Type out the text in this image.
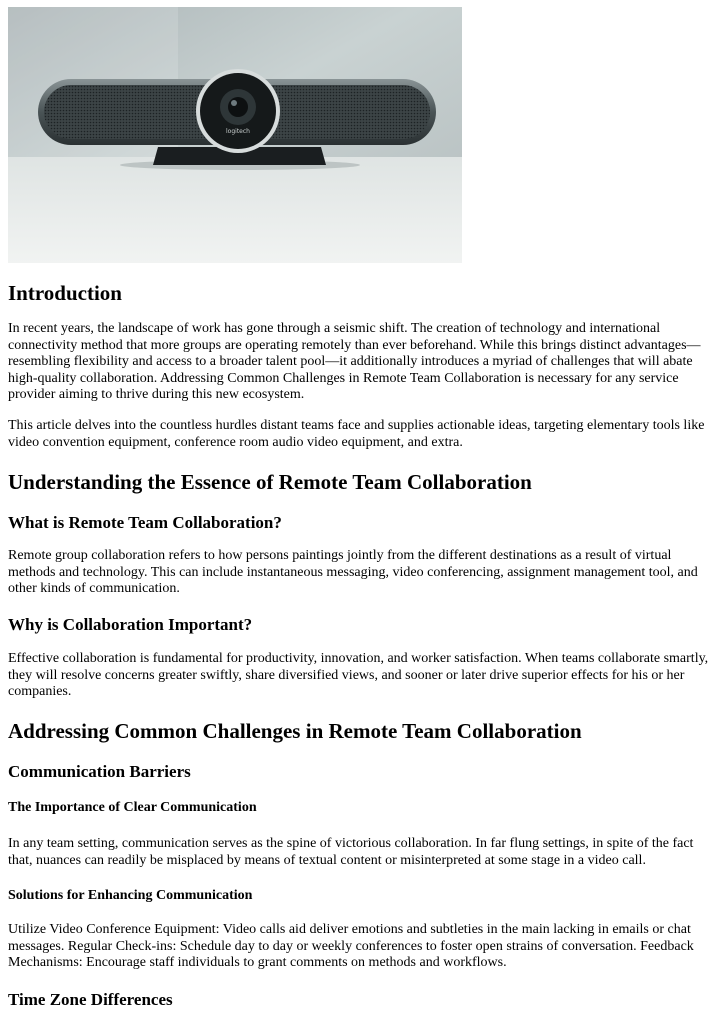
logitech
Introduction

In recent years, the landscape of work has gone through a seismic shift. The creation of technology and international connectivity method that more groups are operating remotely than ever beforehand. While this brings distinct advantages—resembling flexibility and access to a broader talent pool—it additionally introduces a myriad of challenges that will abate high-quality collaboration. Addressing Common Challenges in Remote Team Collaboration is necessary for any service provider aiming to thrive during this new ecosystem.

This article delves into the countless hurdles distant teams face and supplies actionable ideas, targeting elementary tools like video convention equipment, conference room audio video equipment, and extra.

Understanding the Essence of Remote Team Collaboration
What is Remote Team Collaboration?

Remote group collaboration refers to how persons paintings jointly from the different destinations as a result of virtual methods and technology. This can include instantaneous messaging, video conferencing, assignment management tool, and other kinds of communication.

Why is Collaboration Important?

Effective collaboration is fundamental for productivity, innovation, and worker satisfaction. When teams collaborate smartly, they will resolve concerns greater swiftly, share diversified views, and sooner or later drive superior effects for his or her companies.

Addressing Common Challenges in Remote Team Collaboration
Communication Barriers
The Importance of Clear Communication

In any team setting, communication serves as the spine of victorious collaboration. In far flung settings, in spite of the fact that, nuances can readily be misplaced by means of textual content or misinterpreted at some stage in a video call.

Solutions for Enhancing Communication

Utilize Video Conference Equipment: Video calls aid deliver emotions and subtleties in the main lacking in emails or chat messages. Regular Check-ins: Schedule day to day or weekly conferences to foster open strains of conversation. Feedback Mechanisms: Encourage staff individuals to grant comments on methods and workflows.

Time Zone Differences
